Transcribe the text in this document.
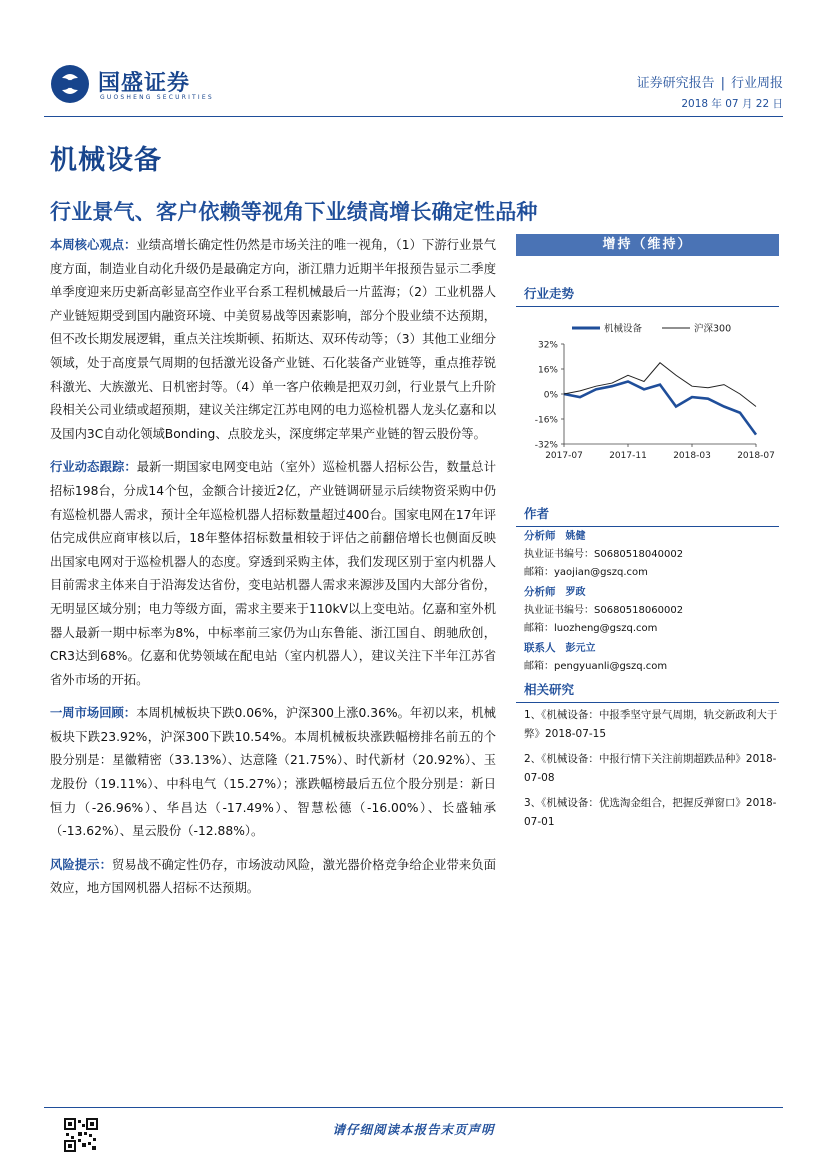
国盛证券
GUOSHENG SECURITIES
证券研究报告 | 行业周报
2018 年 07 月 22 日
机械设备
行业景气、客户依赖等视角下业绩高增长确定性品种

本周核心观点：业绩高增长确定性仍然是市场关注的唯一视角，（1）下游行业景气度方面，制造业自动化升级仍是最确定方向，浙江鼎力近期半年报预告显示二季度单季度迎来历史新高彰显高空作业平台系工程机械最后一片蓝海；（2）工业机器人产业链短期受到国内融资环境、中美贸易战等因素影响，部分个股业绩不达预期，但不改长期发展逻辑，重点关注埃斯顿、拓斯达、双环传动等；（3）其他工业细分领域，处于高度景气周期的包括激光设备产业链、石化装备产业链等，重点推荐锐科激光、大族激光、日机密封等。（4）单一客户依赖是把双刃剑，行业景气上升阶段相关公司业绩或超预期，建议关注绑定江苏电网的电力巡检机器人龙头亿嘉和以及国内3C自动化领域Bonding、点胶龙头，深度绑定苹果产业链的智云股份等。

行业动态跟踪：最新一期国家电网变电站（室外）巡检机器人招标公告，数量总计招标198台，分成14个包，金额合计接近2亿，产业链调研显示后续物资采购中仍有巡检机器人需求，预计全年巡检机器人招标数量超过400台。国家电网在17年评估完成供应商审核以后，18年整体招标数量相较于评估之前翻倍增长也侧面反映出国家电网对于巡检机器人的态度。穿透到采购主体，我们发现区别于室内机器人目前需求主体来自于沿海发达省份，变电站机器人需求来源涉及国内大部分省份，无明显区域分别；电力等级方面，需求主要来于110kV以上变电站。亿嘉和室外机器人最新一期中标率为8%，中标率前三家仍为山东鲁能、浙江国自、朗驰欣创，CR3达到68%。亿嘉和优势领域在配电站（室内机器人），建议关注下半年江苏省省外市场的开拓。

一周市场回顾：本周机械板块下跌0.06%，沪深300上涨0.36%。年初以来，机械板块下跌23.92%，沪深300下跌10.54%。本周机械板块涨跌幅榜排名前五的个股分别是：星徽精密（33.13%）、达意隆（21.75%）、时代新材（20.92%）、玉龙股份（19.11%）、中科电气（15.27%）；涨跌幅榜最后五位个股分别是：新日恒力（-26.96%）、华昌达（-17.49%）、智慧松德（-16.00%）、长盛轴承（-13.62%）、星云股份（-12.88%）。

风险提示：贸易战不确定性仍存，市场波动风险，激光器价格竞争给企业带来负面效应，地方国网机器人招标不达预期。

增持（维持）
行业走势
32%
16%
0%
-16%
-32%
2017-07	2017-11	2018-03	2018-07
机械设备	沪深300
作者
分析师 姚健
执业证书编号：S0680518040002
邮箱：yaojian@gszq.com
分析师 罗政
执业证书编号：S0680518060002
邮箱：luozheng@gszq.com
联系人 彭元立
邮箱：pengyuanli@gszq.com
相关研究
1、《机械设备：中报季坚守景气周期，轨交新政利大于弊》2018-07-15
2、《机械设备：中报行情下关注前期超跌品种》2018-07-08
3、《机械设备：优选淘金组合，把握反弹窗口》2018-07-01
请仔细阅读本报告末页声明
